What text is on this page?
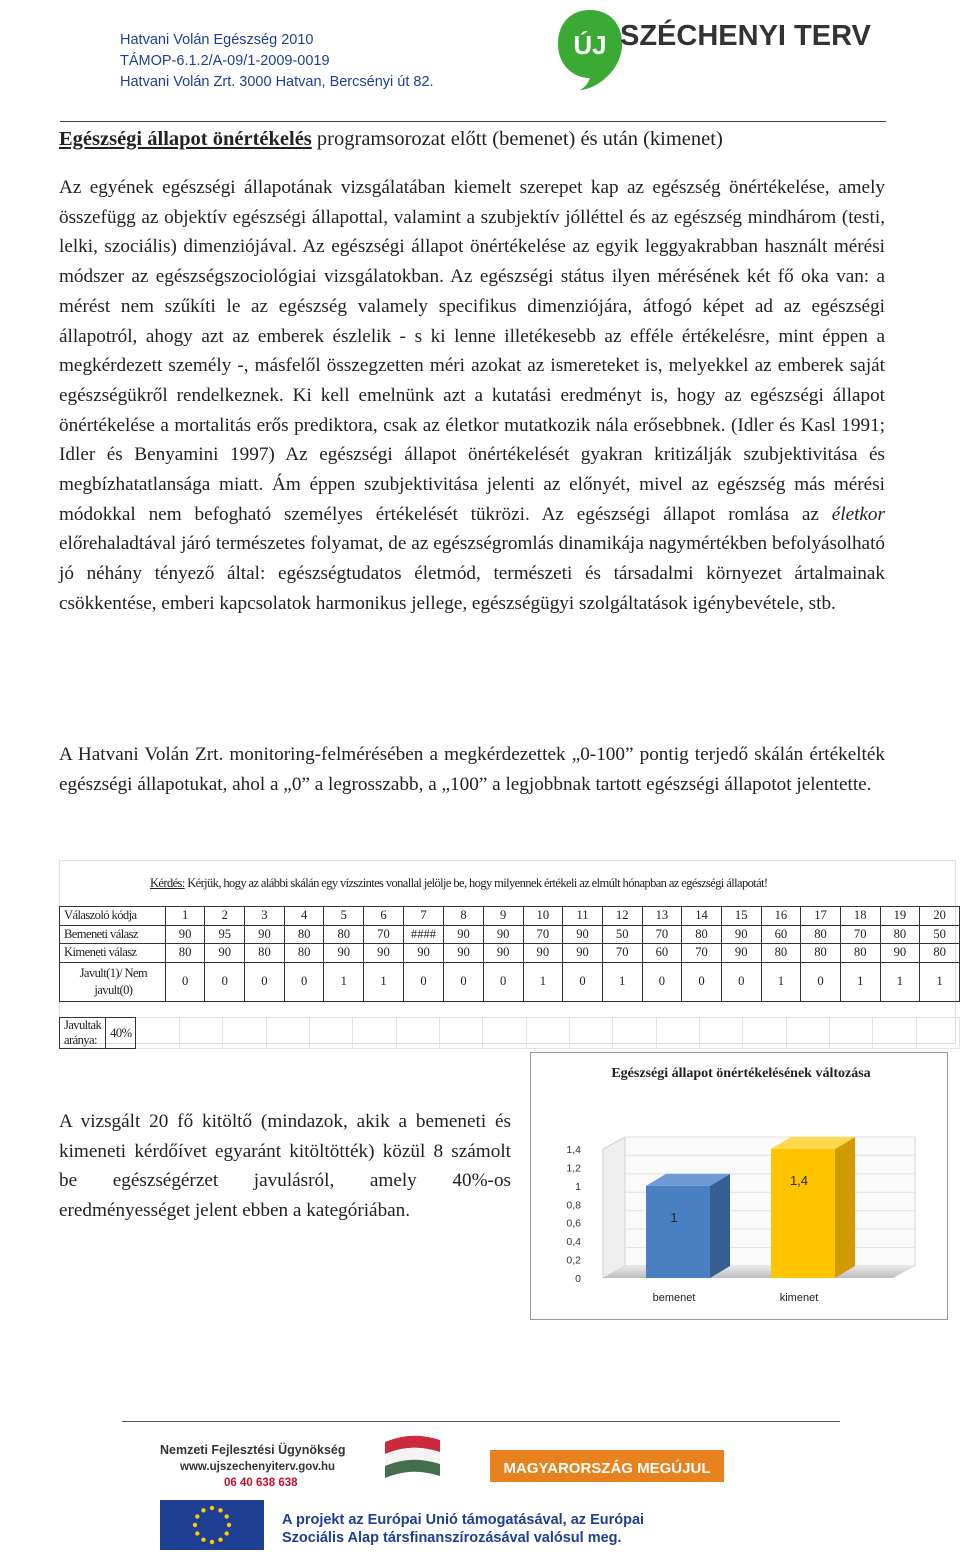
Hatvani Volán Egészség 2010
TÁMOP-6.1.2/A-09/1-2009-0019
Hatvani Volán Zrt. 3000 Hatvan, Bercsényi út 82.
ÚJ SZÉCHENYI TERV
Egészségi állapot önértékelés programsorozat előtt (bemenet) és után (kimenet)
Az egyének egészségi állapotának vizsgálatában kiemelt szerepet kap az egészség önértékelése, amely összefügg az objektív egészségi állapottal, valamint a szubjektív jólléttel és az egészség mindhárom (testi, lelki, szociális) dimenziójával. Az egészségi állapot önértékelése az egyik leggyakrabban használt mérési módszer az egészségszociológiai vizsgálatokban. Az egészségi státus ilyen mérésének két fő oka van: a mérést nem szűkíti le az egészség valamely specifikus dimenziójára, átfogó képet ad az egészségi állapotról, ahogy azt az emberek észlelik - s ki lenne illetékesebb az efféle értékelésre, mint éppen a megkérdezett személy -, másfelől összegzetten méri azokat az ismereteket is, melyekkel az emberek saját egészségükről rendelkeznek. Ki kell emelnünk azt a kutatási eredményt is, hogy az egészségi állapot önértékelése a mortalitás erős prediktora, csak az életkor mutatkozik nála erősebbnek. (Idler és Kasl 1991; Idler és Benyamini 1997) Az egészségi állapot önértékelését gyakran kritizálják szubjektivitása és megbízhatatlansága miatt. Ám éppen szubjektivitása jelenti az előnyét, mivel az egészség más mérési módokkal nem befogható személyes értékelését tükrözi. Az egészségi állapot romlása az életkor előrehaladtával járó természetes folyamat, de az egészségromlás dinamikája nagymértékben befolyásolható jó néhány tényező által: egészségtudatos életmód, természeti és társadalmi környezet ártalmainak csökkentése, emberi kapcsolatok harmonikus jellege, egészségügyi szolgáltatások igénybevétele, stb.
A Hatvani Volán Zrt. monitoring-felmérésében a megkérdezettek „0-100” pontig terjedő skálán értékelték egészségi állapotukat, ahol a „0” a legrosszabb, a „100” a legjobbnak tartott egészségi állapotot jelentette.
Kérdés: Kérjük, hogy az alábbi skálán egy vízszintes vonallal jelölje be, hogy milyennek értékeli az elmúlt hónapban az egészségi állapotát!
Válaszoló kódja	1	2	3	4	5	6	7	8	9	10	11	12	13	14	15	16	17	18	19	20
Bemeneti válasz	90	95	90	80	80	70	####	90	90	70	90	50	70	80	90	60	80	70	80	50
Kimeneti válasz	80	90	80	80	90	90	90	90	90	90	90	70	60	70	90	80	80	80	90	80
Javult(1)/ Nem javult(0)	0	0	0	0	1	1	0	0	0	1	0	1	0	0	0	1	0	1	1	1
Javultak aránya:	40%																			
A vizsgált 20 fő kitöltő (mindazok, akik a bemeneti és kimeneti kérdőívet egyaránt kitöltötték) közül 8 számolt be egészségérzet javulásról, amely 40%-os eredményességet jelent ebben a kategóriában.
Egészségi állapot önértékelésének változása
0
0,2
0,4
0,6
0,8
1
1,2
1,4
1
bemenet
1,4
kimenet
Nemzeti Fejlesztési Ügynökség
www.ujszechenyiterv.gov.hu
06 40 638 638
MAGYARORSZÁG MEGÚJUL
A projekt az Európai Unió támogatásával, az Európai
Szociális Alap társfinanszírozásával valósul meg.
